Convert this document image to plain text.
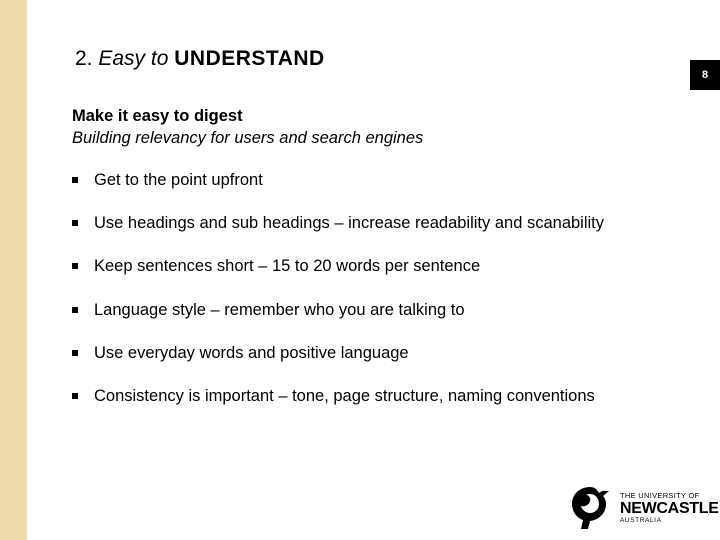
2. Easy to UNDERSTAND
8
Make it easy to digest
Building relevancy for users and search engines
Get to the point upfront
Use headings and sub headings – increase readability and scanability
Keep sentences short – 15 to 20 words per sentence
Language style – remember who you are talking to
Use everyday words and positive language
Consistency is important – tone, page structure, naming conventions
THE UNIVERSITY OF
NEWCASTLE
AUSTRALIA
